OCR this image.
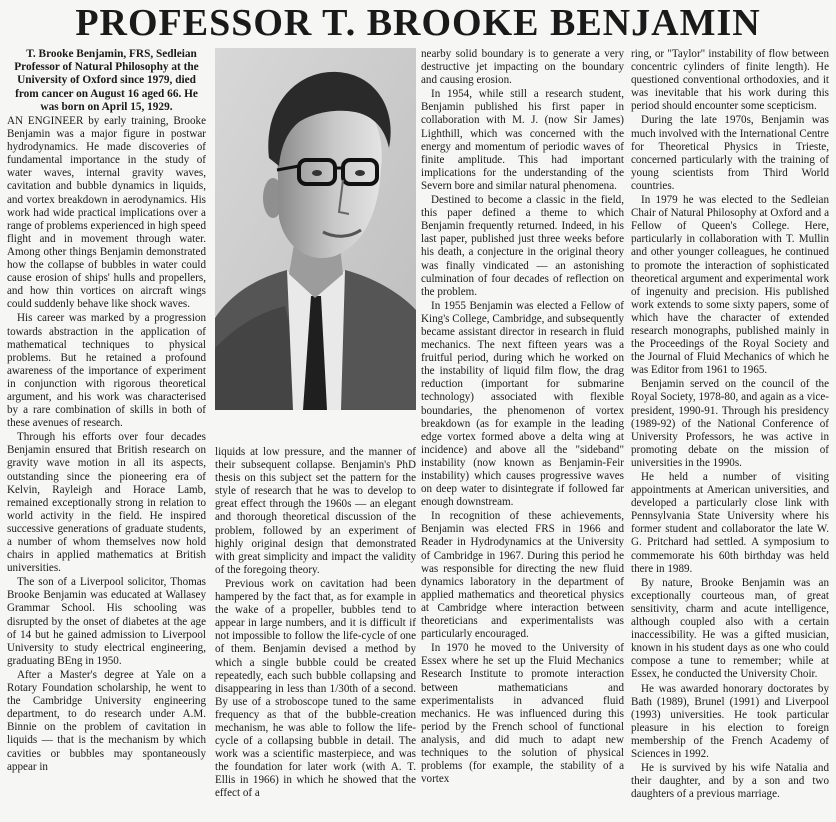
PROFESSOR T. BROOKE BENJAMIN

T. Brooke Benjamin, FRS, Sedleian Professor of Natural Philosophy at the University of Oxford since 1979, died from cancer on August 16 aged 66. He was born on April 15, 1929.

AN ENGINEER by early training, Brooke Benjamin was a major figure in postwar hydrodynamics. He made discoveries of fundamental importance in the study of water waves, internal gravity waves, cavitation and bubble dynamics in liquids, and vortex breakdown in aerodynamics. His work had wide practical implications over a range of problems experienced in high speed flight and in movement through water. Among other things Benjamin demonstrated how the collapse of bubbles in water could cause erosion of ships' hulls and propellers, and how thin vortices on aircraft wings could suddenly behave like shock waves.

His career was marked by a progression towards abstraction in the application of mathematical techniques to physical problems. But he retained a profound awareness of the importance of experiment in conjunction with rigorous theoretical argument, and his work was characterised by a rare combination of skills in both of these avenues of research.

Through his efforts over four decades Benjamin ensured that British research on gravity wave motion in all its aspects, outstanding since the pioneering era of Kelvin, Rayleigh and Horace Lamb, remained exceptionally strong in relation to world activity in the field. He inspired successive generations of graduate students, a number of whom themselves now hold chairs in applied mathematics at British universities.

The son of a Liverpool solicitor, Thomas Brooke Benjamin was educated at Wallasey Grammar School. His schooling was disrupted by the onset of diabetes at the age of 14 but he gained admission to Liverpool University to study electrical engineering, graduating BEng in 1950.

After a Master's degree at Yale on a Rotary Foundation scholarship, he went to the Cambridge University engineering department, to do research under A.M. Binnie on the problem of cavitation in liquids — that is the mechanism by which cavities or bubbles may spontaneously appear in

liquids at low pressure, and the manner of their subsequent collapse. Benjamin's PhD thesis on this subject set the pattern for the style of research that he was to develop to great effect through the 1960s — an elegant and thorough theoretical discussion of the problem, followed by an experiment of highly original design that demonstrated with great simplicity and impact the validity of the foregoing theory.

Previous work on cavitation had been hampered by the fact that, as for example in the wake of a propeller, bubbles tend to appear in large numbers, and it is difficult if not impossible to follow the life-cycle of one of them. Benjamin devised a method by which a single bubble could be created repeatedly, each such bubble collapsing and disappearing in less than 1/30th of a second. By use of a stroboscope tuned to the same frequency as that of the bubble-creation mechanism, he was able to follow the life-cycle of a collapsing bubble in detail. The work was a scientific masterpiece, and was the foundation for later work (with A. T. Ellis in 1966) in which he showed that the effect of a

nearby solid boundary is to generate a very destructive jet impacting on the boundary and causing erosion.

In 1954, while still a research student, Benjamin published his first paper in collaboration with M. J. (now Sir James) Lighthill, which was concerned with the energy and momentum of periodic waves of finite amplitude. This had important implications for the understanding of the Severn bore and similar natural phenomena.

Destined to become a classic in the field, this paper defined a theme to which Benjamin frequently returned. Indeed, in his last paper, published just three weeks before his death, a conjecture in the original theory was finally vindicated — an astonishing culmination of four decades of reflection on the problem.

In 1955 Benjamin was elected a Fellow of King's College, Cambridge, and subsequently became assistant director in research in fluid mechanics. The next fifteen years was a fruitful period, during which he worked on the instability of liquid film flow, the drag reduction (important for submarine technology) associated with flexible boundaries, the phenomenon of vortex breakdown (as for example in the leading edge vortex formed above a delta wing at incidence) and above all the "sideband" instability (now known as Benjamin-Feir instability) which causes progressive waves on deep water to disintegrate if followed far enough downstream.

In recognition of these achievements, Benjamin was elected FRS in 1966 and Reader in Hydrodynamics at the University of Cambridge in 1967. During this period he was responsible for directing the new fluid dynamics laboratory in the department of applied mathematics and theoretical physics at Cambridge where interaction between theoreticians and experimentalists was particularly encouraged.

In 1970 he moved to the University of Essex where he set up the Fluid Mechanics Research Institute to promote interaction between mathematicians and experimentalists in advanced fluid mechanics. He was influenced during this period by the French school of functional analysis, and did much to adapt new techniques to the solution of physical problems (for example, the stability of a vortex

ring, or "Taylor" instability of flow between concentric cylinders of finite length). He questioned conventional orthodoxies, and it was inevitable that his work during this period should encounter some scepticism.

During the late 1970s, Benjamin was much involved with the International Centre for Theoretical Physics in Trieste, concerned particularly with the training of young scientists from Third World countries.

In 1979 he was elected to the Sedleian Chair of Natural Philosophy at Oxford and a Fellow of Queen's College. Here, particularly in collaboration with T. Mullin and other younger colleagues, he continued to promote the interaction of sophisticated theoretical argument and experimental work of ingenuity and precision. His published work extends to some sixty papers, some of which have the character of extended research monographs, published mainly in the Proceedings of the Royal Society and the Journal of Fluid Mechanics of which he was Editor from 1961 to 1965.

Benjamin served on the council of the Royal Society, 1978-80, and again as a vice-president, 1990-91. Through his presidency (1989-92) of the National Conference of University Professors, he was active in promoting debate on the mission of universities in the 1990s.

He held a number of visiting appointments at American universities, and developed a particularly close link with Pennsylvania State University where his former student and collaborator the late W. G. Pritchard had settled. A symposium to commemorate his 60th birthday was held there in 1989.

By nature, Brooke Benjamin was an exceptionally courteous man, of great sensitivity, charm and acute intelligence, although coupled also with a certain inaccessibility. He was a gifted musician, known in his student days as one who could compose a tune to remember; while at Essex, he conducted the University Choir.

He was awarded honorary doctorates by Bath (1989), Brunel (1991) and Liverpool (1993) universities. He took particular pleasure in his election to foreign membership of the French Academy of Sciences in 1992.

He is survived by his wife Natalia and their daughter, and by a son and two daughters of a previous marriage.
